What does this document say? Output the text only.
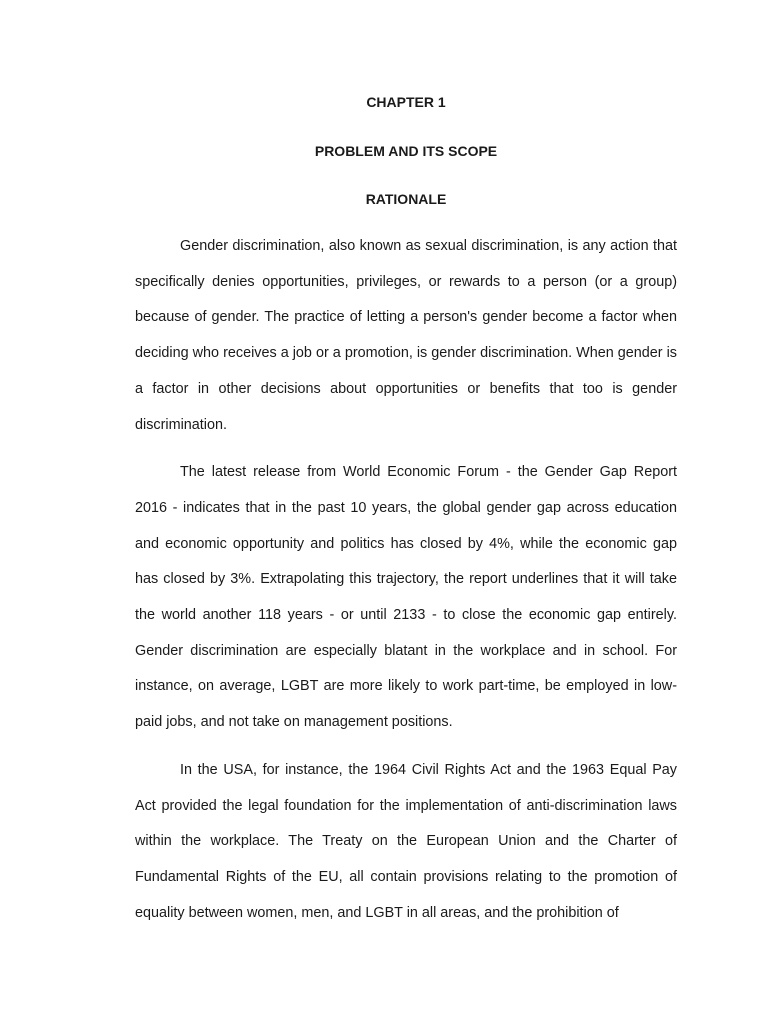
CHAPTER 1
PROBLEM AND ITS SCOPE
RATIONALE

Gender discrimination, also known as sexual discrimination, is any action that specifically denies opportunities, privileges, or rewards to a person (or a group) because of gender. The practice of letting a person's gender become a factor when deciding who receives a job or a promotion, is gender discrimination. When gender is a factor in other decisions about opportunities or benefits that too is gender discrimination.

The latest release from World Economic Forum - the Gender Gap Report 2016 - indicates that in the past 10 years, the global gender gap across education and economic opportunity and politics has closed by 4%, while the economic gap has closed by 3%. Extrapolating this trajectory, the report underlines that it will take the world another 118 years - or until 2133 - to close the economic gap entirely. Gender discrimination are especially blatant in the workplace and in school. For instance, on average, LGBT are more likely to work part-time, be employed in low-paid jobs, and not take on management positions.

In the USA, for instance, the 1964 Civil Rights Act and the 1963 Equal Pay Act provided the legal foundation for the implementation of anti-discrimination laws within the workplace. The Treaty on the European Union and the Charter of Fundamental Rights of the EU, all contain provisions relating to the promotion of equality between women, men, and LGBT in all areas, and the prohibition of
